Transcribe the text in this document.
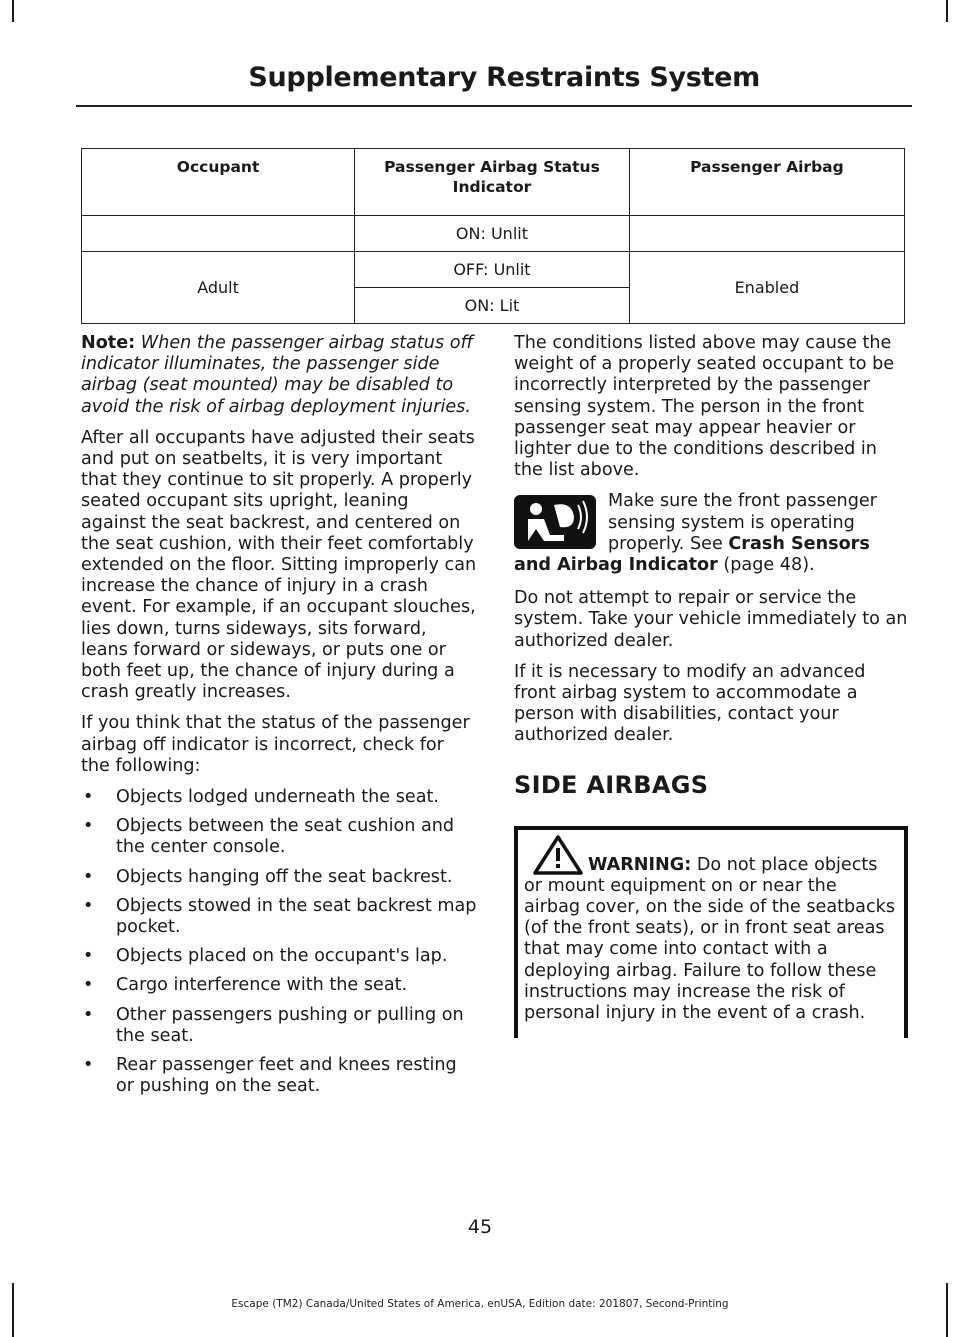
Supplementary Restraints System
Occupant	Passenger Airbag Status Indicator	Passenger Airbag
	ON: Unlit	
Adult	OFF: Unlit	Enabled
	ON: Lit	

Note: When the passenger airbag status off indicator illuminates, the passenger side airbag (seat mounted) may be disabled to avoid the risk of airbag deployment injuries.

After all occupants have adjusted their seats and put on seatbelts, it is very important that they continue to sit properly. A properly seated occupant sits upright, leaning against the seat backrest, and centered on the seat cushion, with their feet comfortably extended on the floor. Sitting improperly can increase the chance of injury in a crash event. For example, if an occupant slouches, lies down, turns sideways, sits forward, leans forward or sideways, or puts one or both feet up, the chance of injury during a crash greatly increases.

If you think that the status of the passenger airbag off indicator is incorrect, check for the following:

• Objects lodged underneath the seat.
• Objects between the seat cushion and the center console.
• Objects hanging off the seat backrest.
• Objects stowed in the seat backrest map pocket.
• Objects placed on the occupant's lap.
• Cargo interference with the seat.
• Other passengers pushing or pulling on the seat.
• Rear passenger feet and knees resting or pushing on the seat.

The conditions listed above may cause the weight of a properly seated occupant to be incorrectly interpreted by the passenger sensing system. The person in the front passenger seat may appear heavier or lighter due to the conditions described in the list above.

Make sure the front passenger sensing system is operating properly. See Crash Sensors and Airbag Indicator (page 48).

Do not attempt to repair or service the system. Take your vehicle immediately to an authorized dealer.

If it is necessary to modify an advanced front airbag system to accommodate a person with disabilities, contact your authorized dealer.

SIDE AIRBAGS
WARNING: Do not place objects or mount equipment on or near the airbag cover, on the side of the seatbacks (of the front seats), or in front seat areas that may come into contact with a deploying airbag. Failure to follow these instructions may increase the risk of personal injury in the event of a crash.
45
Escape (TM2) Canada/United States of America, enUSA, Edition date: 201807, Second-Printing
